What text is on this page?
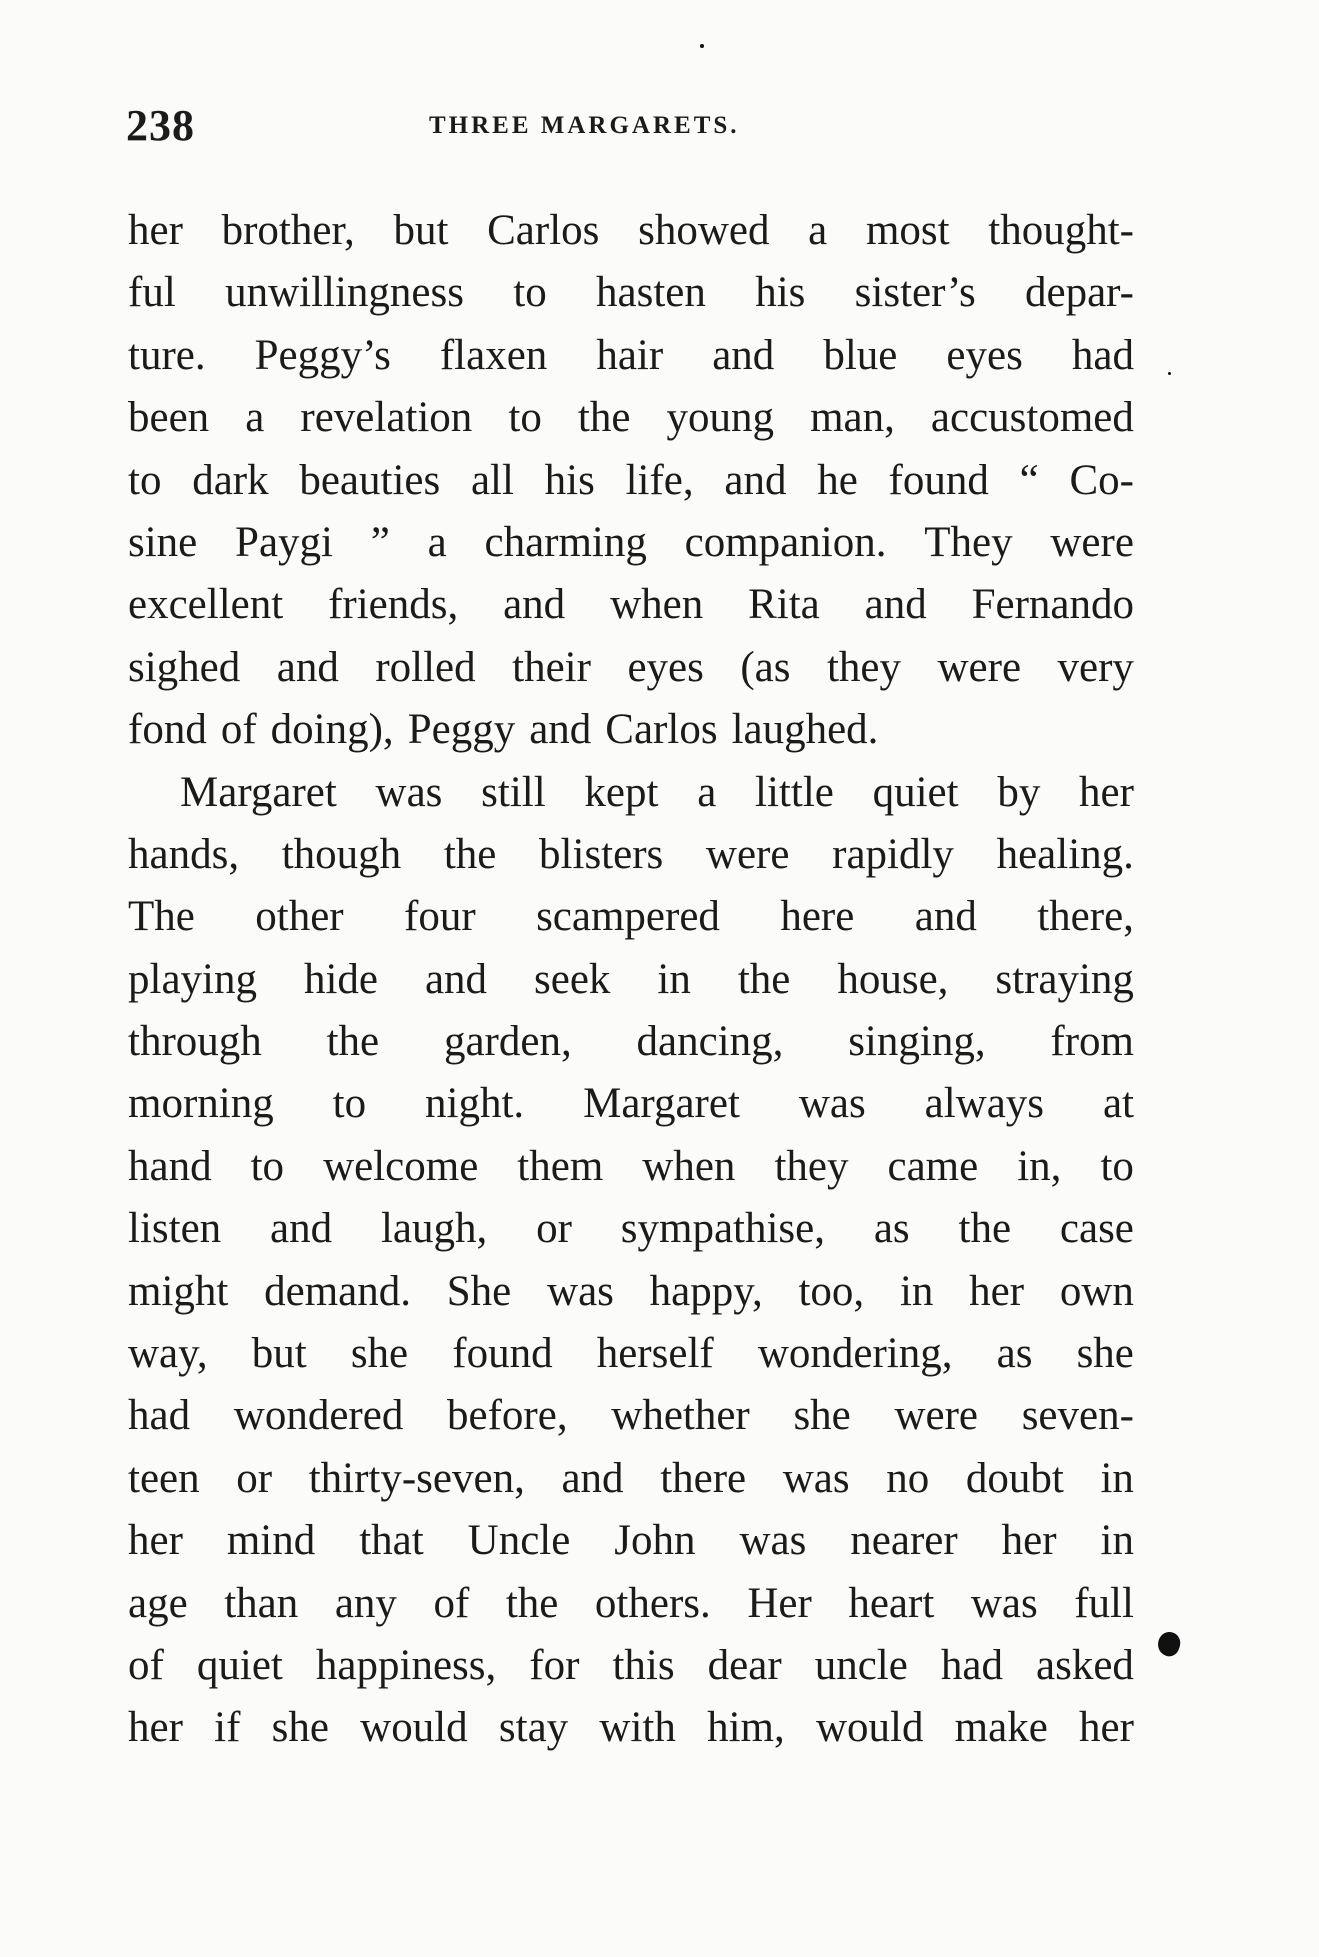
238	THREE MARGARETS.
her brother, but Carlos showed a most thought-
ful unwillingness to hasten his sister’s depar-
ture. Peggy’s flaxen hair and blue eyes had
been a revelation to the young man, accustomed
to dark beauties all his life, and he found “ Co-
sine Paygi ” a charming companion. They were
excellent friends, and when Rita and Fernando
sighed and rolled their eyes (as they were very
fond of doing), Peggy and Carlos laughed.
Margaret was still kept a little quiet by her
hands, though the blisters were rapidly healing.
The other four scampered here and there,
playing hide and seek in the house, straying
through the garden, dancing, singing, from
morning to night. Margaret was always at
hand to welcome them when they came in, to
listen and laugh, or sympathise, as the case
might demand. She was happy, too, in her own
way, but she found herself wondering, as she
had wondered before, whether she were seven-
teen or thirty-seven, and there was no doubt in
her mind that Uncle John was nearer her in
age than any of the others. Her heart was full
of quiet happiness, for this dear uncle had asked
her if she would stay with him, would make her
